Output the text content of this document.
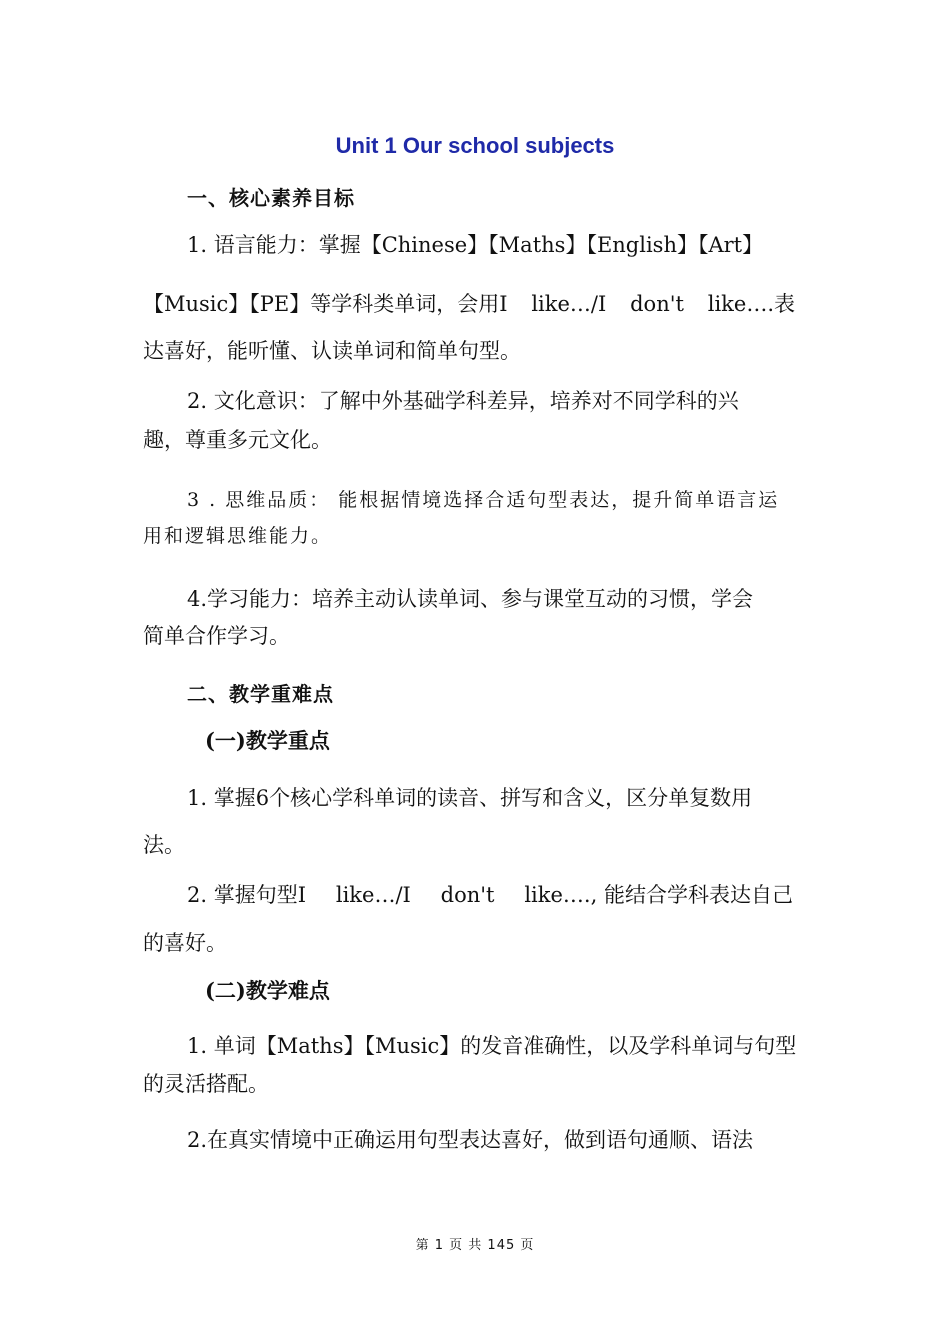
Unit 1 Our school subjects
一、核心素养目标
1. 语言能力：掌握【Chinese】【Maths】【English】【Art】
【Music】【PE】等学科类单词，会用I like…/I don't like….表
达喜好，能听懂、认读单词和简单句型。
2. 文化意识：了解中外基础学科差异，培养对不同学科的兴
趣，尊重多元文化。
3 . 思维品质： 能根据情境选择合适句型表达，提升简单语言运
用和逻辑思维能力。
4.学习能力：培养主动认读单词、参与课堂互动的习惯，学会
简单合作学习。
二、教学重难点
(一)教学重点
1. 掌握6个核心学科单词的读音、拼写和含义，区分单复数用
法。
2. 掌握句型I like…/I don't like…., 能结合学科表达自己
的喜好。
(二)教学难点
1. 单词【Maths】【Music】的发音准确性，以及学科单词与句型
的灵活搭配。
2.在真实情境中正确运用句型表达喜好，做到语句通顺、语法
第 1 页 共 145 页
